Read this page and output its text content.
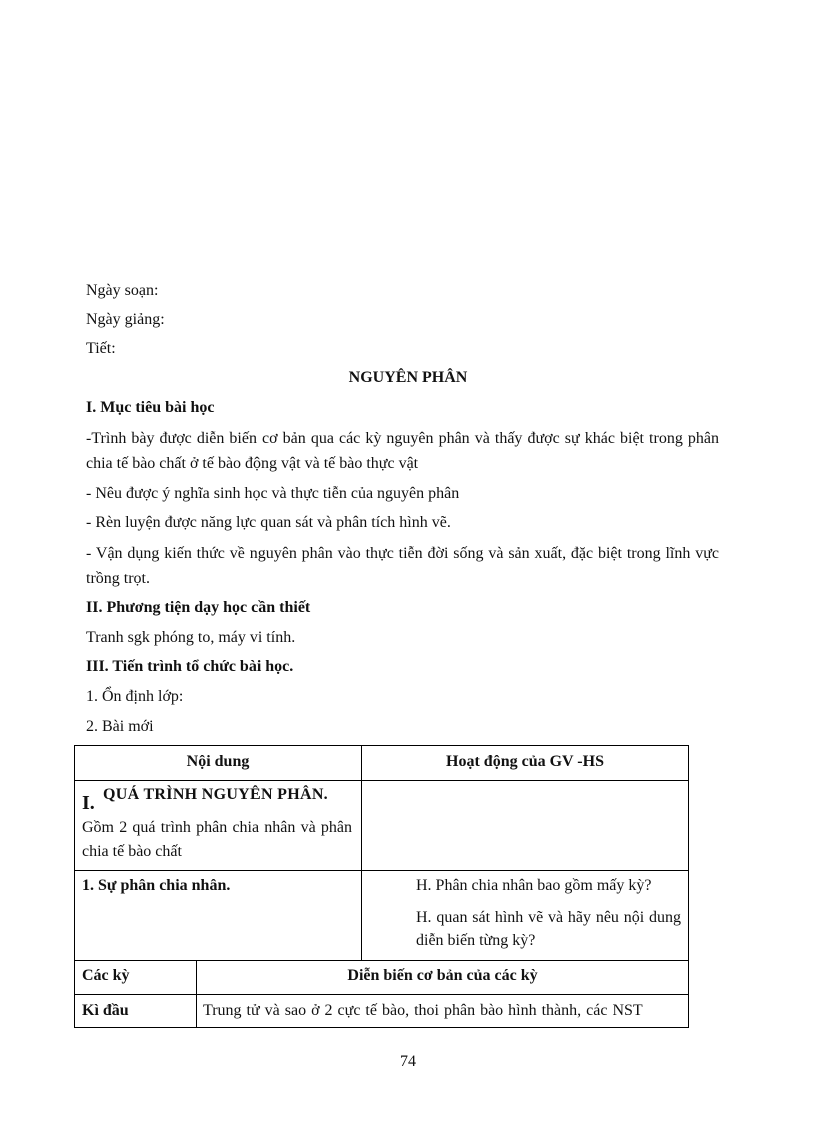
Ngày soạn:
Ngày giảng:
Tiết:
NGUYÊN PHÂN
I. Mục tiêu bài học
-Trình bày được diễn biến cơ bản qua các kỳ nguyên phân và thấy được sự khác biệt trong phân chia tế bào chất ở tế bào động vật và tế bào thực vật
- Nêu được ý nghĩa sinh học và thực tiễn của nguyên phân
- Rèn luyện được năng lực quan sát và phân tích hình vẽ.
- Vận dụng kiến thức về nguyên phân vào thực tiễn đời sống và sản xuất, đặc biệt trong lĩnh vực trồng trọt.
II. Phương tiện dạy học cần thiết
Tranh sgk phóng to, máy vi tính.
III. Tiến trình tổ chức bài học.
1. Ổn định lớp:
2. Bài mới
Nội dung	Hoạt động của GV -HS
I. QUÁ TRÌNH NGUYÊN PHÂN.
Gồm 2 quá trình phân chia nhân và phân chia tế bào chất
1. Sự phân chia nhân.	H. Phân chia nhân bao gồm mấy kỳ?
H. quan sát hình vẽ và hãy nêu nội dung diễn biến từng kỳ?
Các kỳ	Diễn biến cơ bản của các kỳ
Kì đầu	Trung tử và sao ở 2 cực tế bào, thoi phân bào hình thành, các NST
74
